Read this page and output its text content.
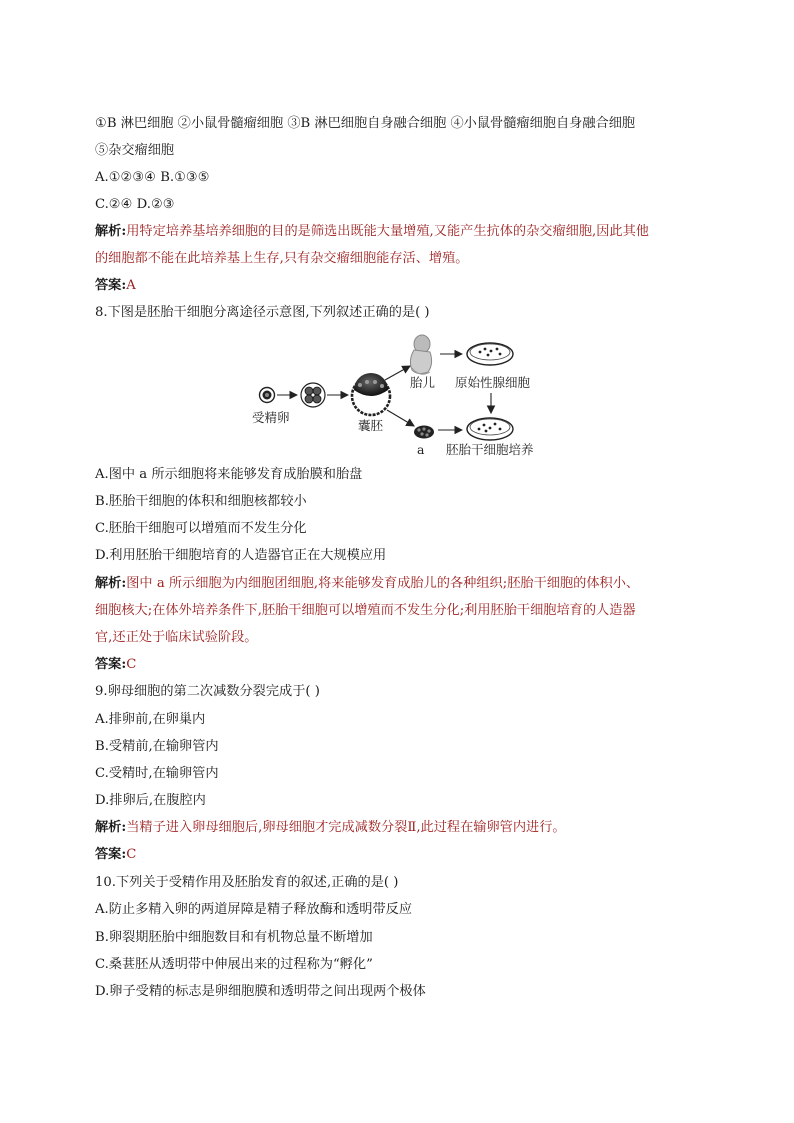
①B 淋巴细胞 ②小鼠骨髓瘤细胞 ③B 淋巴细胞自身融合细胞 ④小鼠骨髓瘤细胞自身融合细胞
⑤杂交瘤细胞
A.①②③④ B.①③⑤
C.②④ D.②③
解析:用特定培养基培养细胞的目的是筛选出既能大量增殖,又能产生抗体的杂交瘤细胞,因此其他
的细胞都不能在此培养基上生存,只有杂交瘤细胞能存活、增殖。
答案:A
8.下图是胚胎干细胞分离途径示意图,下列叙述正确的是( )
受精卵
囊胚
胎儿 原始性腺细胞
a 胚胎干细胞培养
A.图中 a 所示细胞将来能够发育成胎膜和胎盘
B.胚胎干细胞的体积和细胞核都较小
C.胚胎干细胞可以增殖而不发生分化
D.利用胚胎干细胞培育的人造器官正在大规模应用
解析:图中 a 所示细胞为内细胞团细胞,将来能够发育成胎儿的各种组织;胚胎干细胞的体积小、
细胞核大;在体外培养条件下,胚胎干细胞可以增殖而不发生分化;利用胚胎干细胞培育的人造器
官,还正处于临床试验阶段。
答案:C
9.卵母细胞的第二次减数分裂完成于( )
A.排卵前,在卵巢内
B.受精前,在输卵管内
C.受精时,在输卵管内
D.排卵后,在腹腔内
解析:当精子进入卵母细胞后,卵母细胞才完成减数分裂Ⅱ,此过程在输卵管内进行。
答案:C
10.下列关于受精作用及胚胎发育的叙述,正确的是( )
A.防止多精入卵的两道屏障是精子释放酶和透明带反应
B.卵裂期胚胎中细胞数目和有机物总量不断增加
C.桑葚胚从透明带中伸展出来的过程称为“孵化”
D.卵子受精的标志是卵细胞膜和透明带之间出现两个极体
